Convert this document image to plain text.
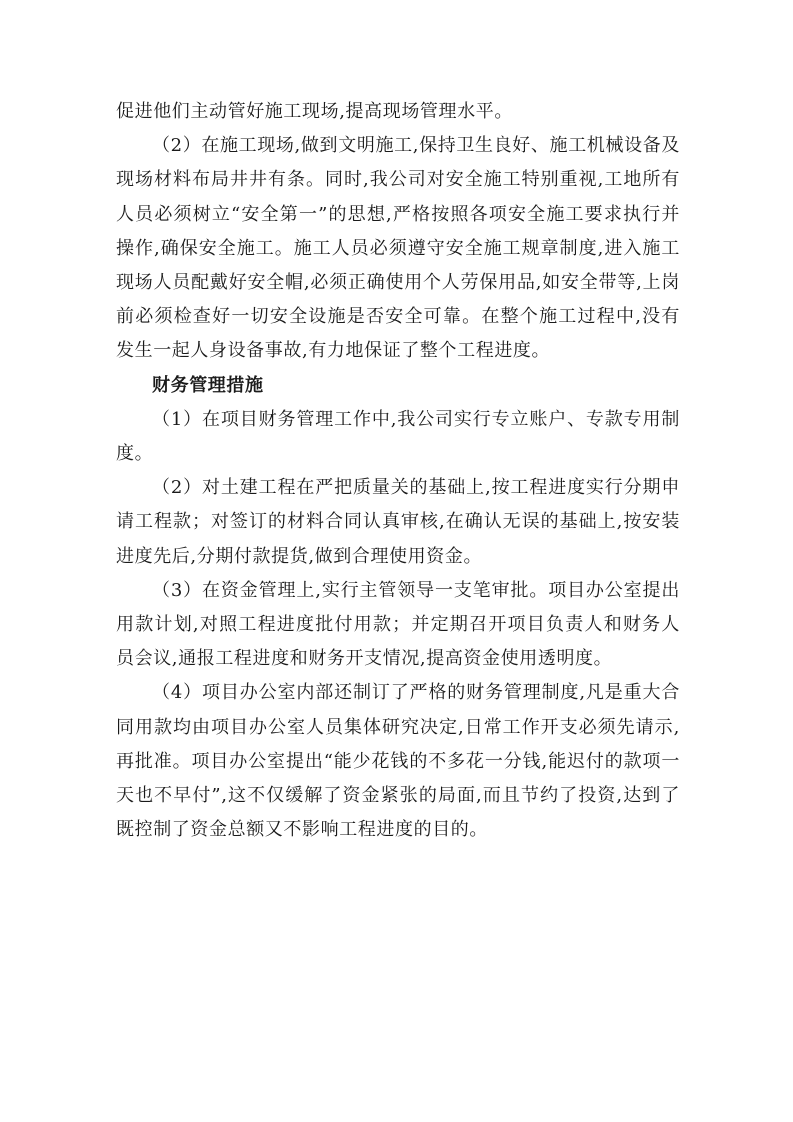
促进他们主动管好施工现场,提高现场管理水平。

（2）在施工现场,做到文明施工,保持卫生良好、施工机械设备及现场材料布局井井有条。同时,我公司对安全施工特别重视,工地所有人员必须树立“安全第一”的思想,严格按照各项安全施工要求执行并操作,确保安全施工。施工人员必须遵守安全施工规章制度,进入施工现场人员配戴好安全帽,必须正确使用个人劳保用品,如安全带等,上岗前必须检查好一切安全设施是否安全可靠。在整个施工过程中,没有发生一起人身设备事故,有力地保证了整个工程进度。

财务管理措施

（1）在项目财务管理工作中,我公司实行专立账户、专款专用制度。

（2）对土建工程在严把质量关的基础上,按工程进度实行分期申请工程款；对签订的材料合同认真审核,在确认无误的基础上,按安装进度先后,分期付款提货,做到合理使用资金。

（3）在资金管理上,实行主管领导一支笔审批。项目办公室提出用款计划,对照工程进度批付用款；并定期召开项目负责人和财务人员会议,通报工程进度和财务开支情况,提高资金使用透明度。

（4）项目办公室内部还制订了严格的财务管理制度,凡是重大合同用款均由项目办公室人员集体研究决定,日常工作开支必须先请示,再批准。项目办公室提出“能少花钱的不多花一分钱,能迟付的款项一天也不早付”,这不仅缓解了资金紧张的局面,而且节约了投资,达到了既控制了资金总额又不影响工程进度的目的。
